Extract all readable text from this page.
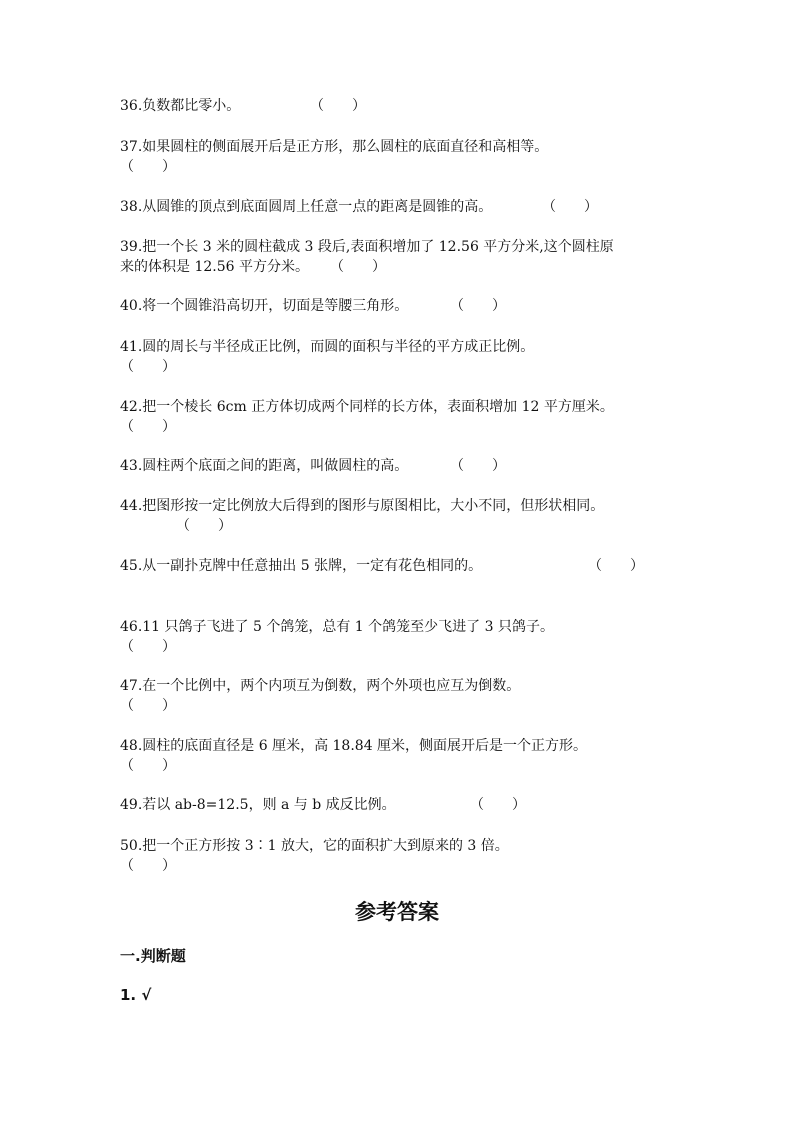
36.负数都比零小。	（　　）
37.如果圆柱的侧面展开后是正方形，那么圆柱的底面直径和高相等。
（　　）
38.从圆锥的顶点到底面圆周上任意一点的距离是圆锥的高。	（　　）
39.把一个长 3 米的圆柱截成 3 段后,表面积增加了 12.56 平方分米,这个圆柱原
来的体积是 12.56 平方分米。 （　　）
40.将一个圆锥沿高切开，切面是等腰三角形。	（　　）
41.圆的周长与半径成正比例，而圆的面积与半径的平方成正比例。
（　　）
42.把一个棱长 6cm 正方体切成两个同样的长方体，表面积增加 12 平方厘米。
（　　）
43.圆柱两个底面之间的距离，叫做圆柱的高。	（　　）
44.把图形按一定比例放大后得到的图形与原图相比，大小不同，但形状相同。
（　　）
45.从一副扑克牌中任意抽出 5 张牌，一定有花色相同的。	（　　）
46.11 只鸽子飞进了 5 个鸽笼，总有 1 个鸽笼至少飞进了 3 只鸽子。
（　　）
47.在一个比例中，两个内项互为倒数，两个外项也应互为倒数。
（　　）
48.圆柱的底面直径是 6 厘米，高 18.84 厘米，侧面展开后是一个正方形。
（　　）
49.若以 ab-8=12.5，则 a 与 b 成反比例。	（　　）
50.把一个正方形按 3∶1 放大，它的面积扩大到原来的 3 倍。
（　　）
参考答案
一.判断题
1. √
